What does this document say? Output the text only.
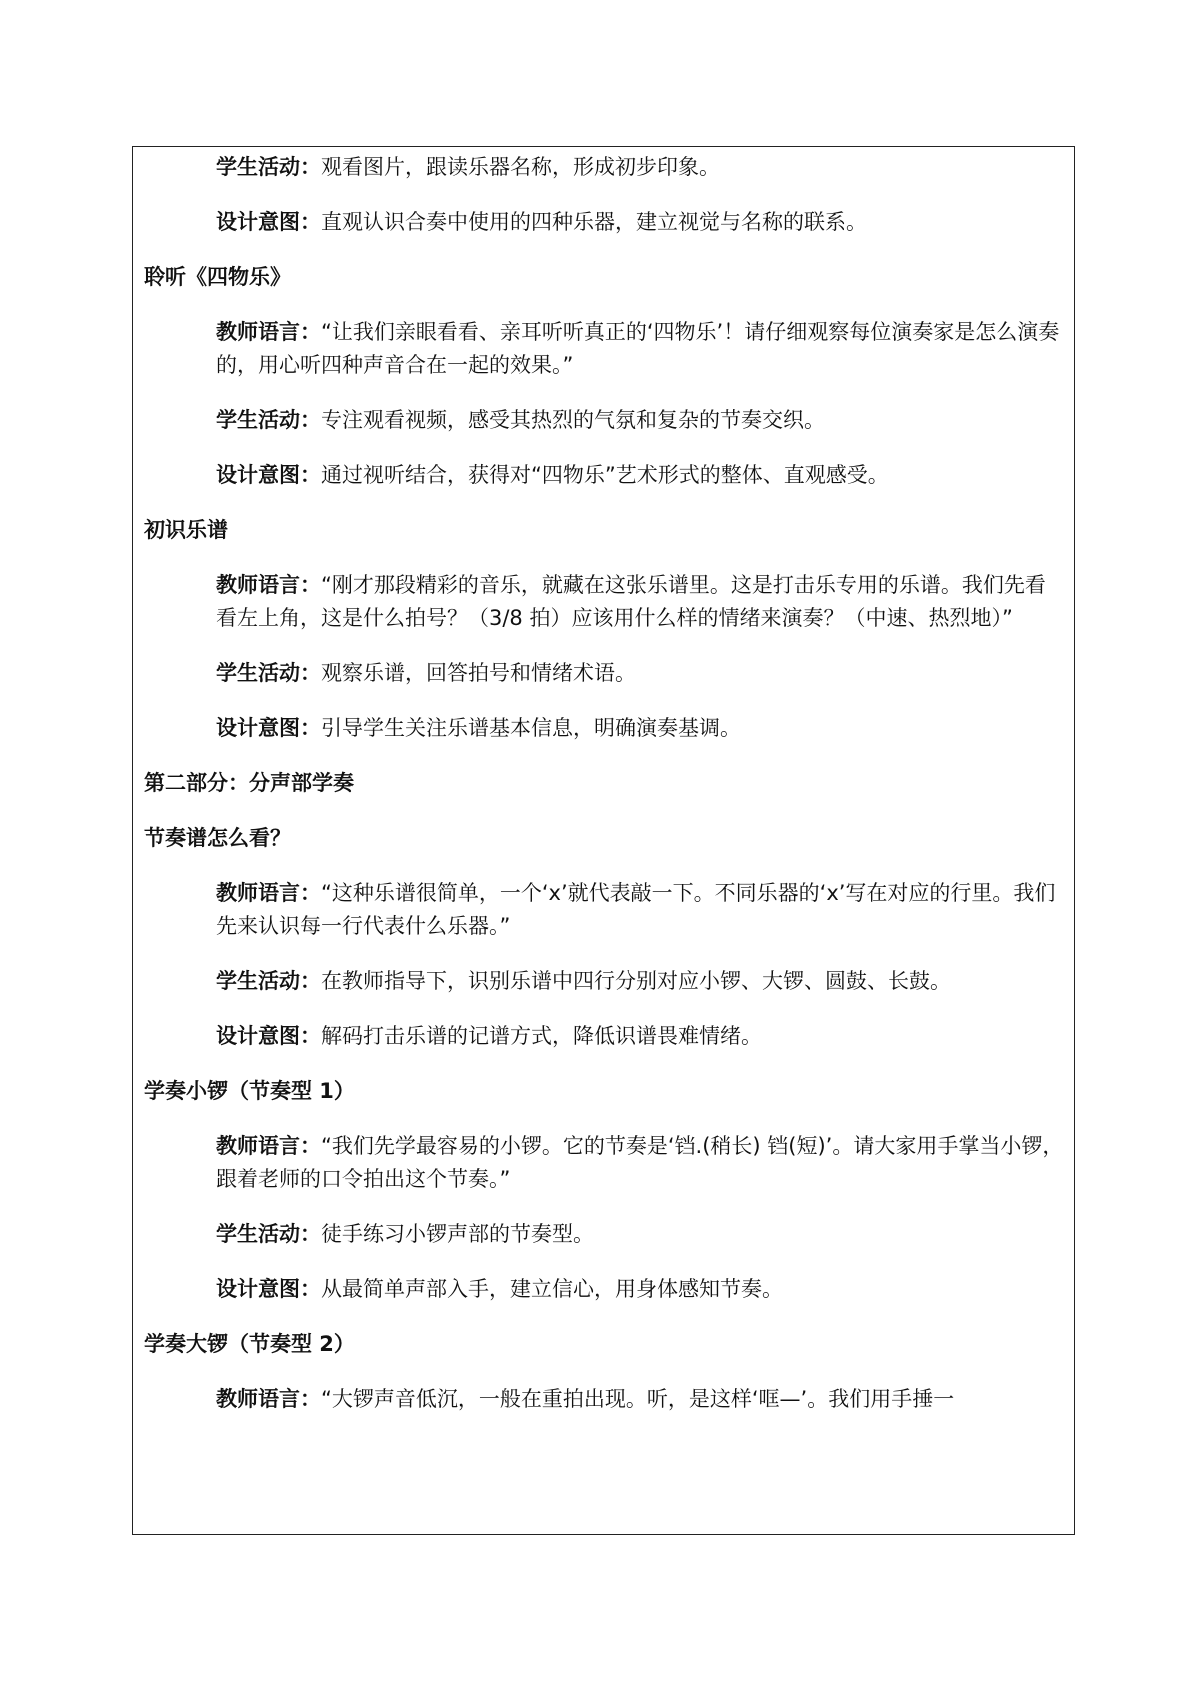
学生活动：观看图片，跟读乐器名称，形成初步印象。

设计意图：直观认识合奏中使用的四种乐器，建立视觉与名称的联系。

聆听《四物乐》

教师语言：“让我们亲眼看看、亲耳听听真正的‘四物乐’！请仔细观察每位演奏家是怎么演奏的，用心听四种声音合在一起的效果。”

学生活动：专注观看视频，感受其热烈的气氛和复杂的节奏交织。

设计意图：通过视听结合，获得对“四物乐”艺术形式的整体、直观感受。

初识乐谱

教师语言：“刚才那段精彩的音乐，就藏在这张乐谱里。这是打击乐专用的乐谱。我们先看看左上角，这是什么拍号？（3/8 拍）应该用什么样的情绪来演奏？（中速、热烈地）”

学生活动：观察乐谱，回答拍号和情绪术语。

设计意图：引导学生关注乐谱基本信息，明确演奏基调。

第二部分：分声部学奏

节奏谱怎么看？

教师语言：“这种乐谱很简单，一个‘x’就代表敲一下。不同乐器的‘x’写在对应的行里。我们先来认识每一行代表什么乐器。”

学生活动：在教师指导下，识别乐谱中四行分别对应小锣、大锣、圆鼓、长鼓。

设计意图：解码打击乐谱的记谱方式，降低识谱畏难情绪。

学奏小锣（节奏型 1）

教师语言：“我们先学最容易的小锣。它的节奏是‘铛.(稍长) 铛(短)’。请大家用手掌当小锣，跟着老师的口令拍出这个节奏。”

学生活动：徒手练习小锣声部的节奏型。

设计意图：从最简单声部入手，建立信心，用身体感知节奏。

学奏大锣（节奏型 2）

教师语言：“大锣声音低沉，一般在重拍出现。听，是这样‘哐—’。我们用手捶一
